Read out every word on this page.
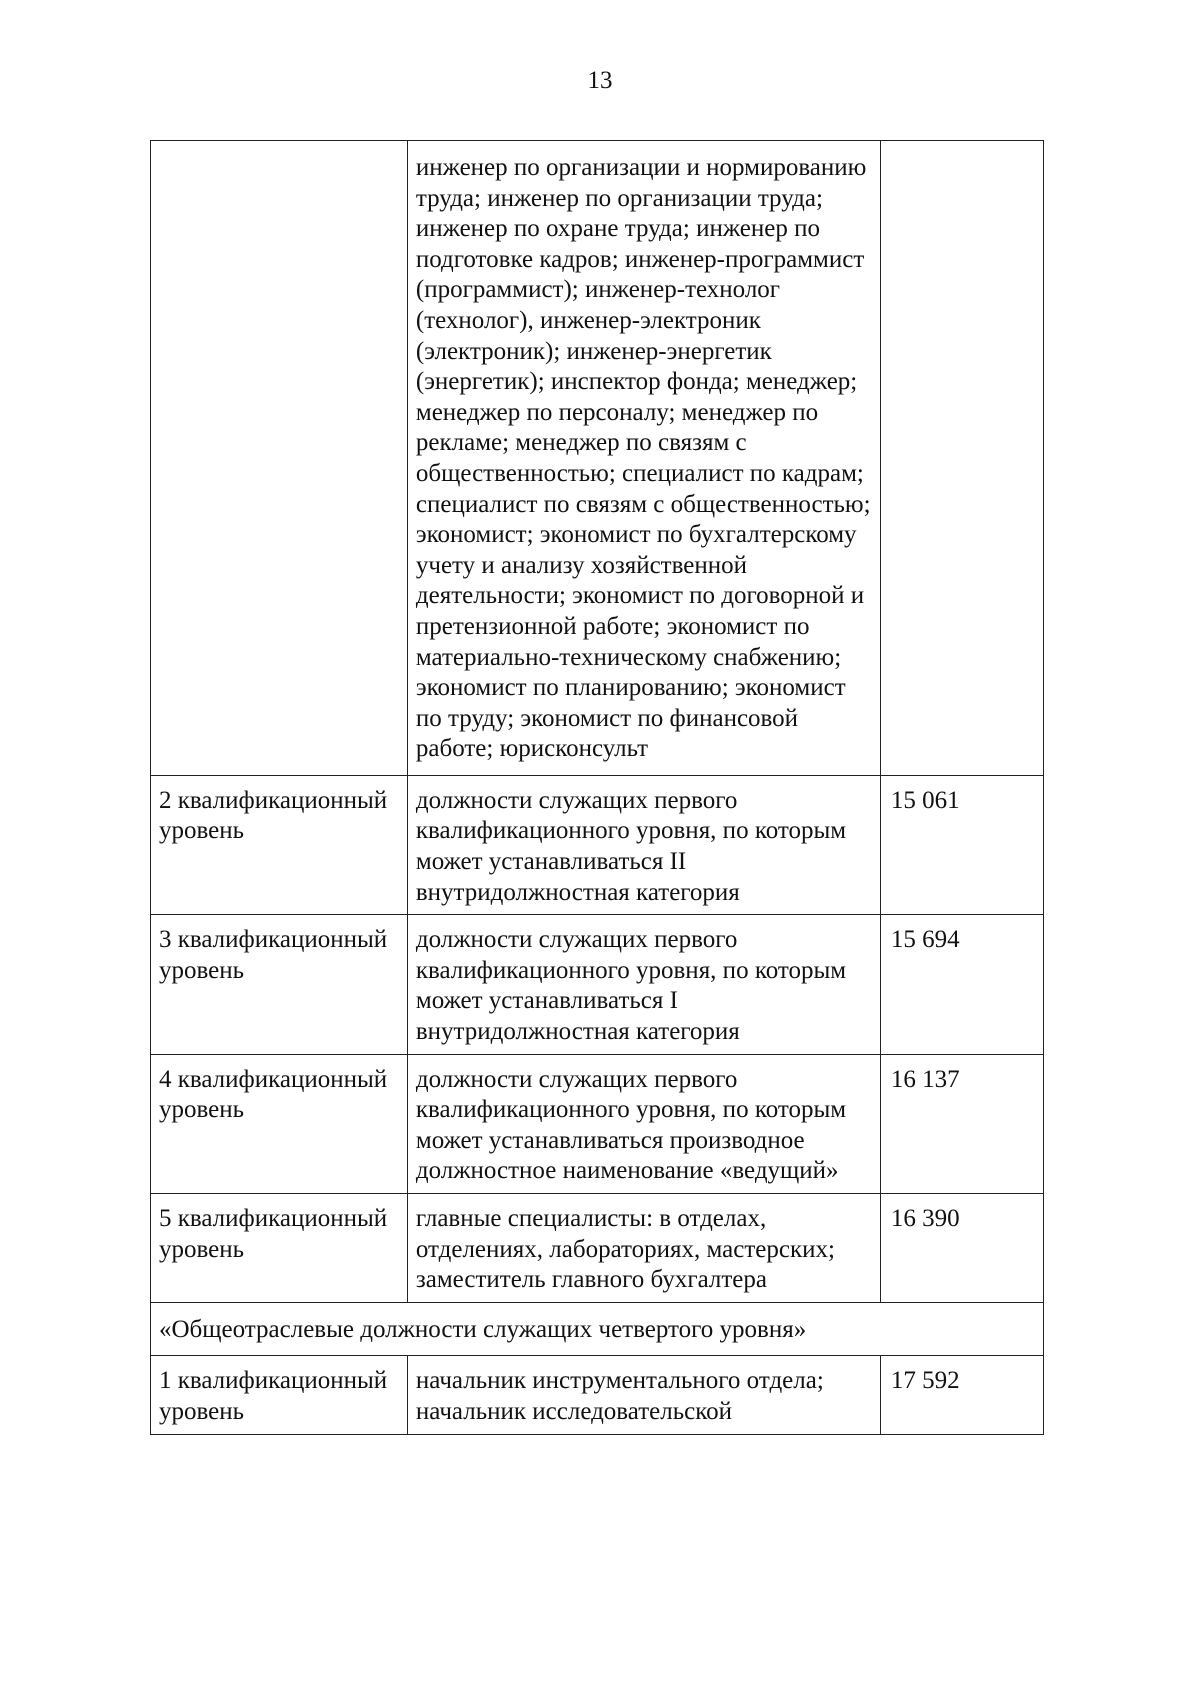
13
	инженер по организации и нормированию труда; инженер по организации труда; инженер по охране труда; инженер по подготовке кадров; инженер-программист (программист); инженер-технолог (технолог), инженер-электроник (электроник); инженер-энергетик (энергетик); инспектор фонда; менеджер; менеджер по персоналу; менеджер по рекламе; менеджер по связям с общественностью; специалист по кадрам; специалист по связям с общественностью; экономист; экономист по бухгалтерскому учету и анализу хозяйственной деятельности; экономист по договорной и претензионной работе; экономист по материально-техническому снабжению; экономист по планированию; экономист по труду; экономист по финансовой работе; юрисконсульт	
2 квалификационный уровень	должности служащих первого квалификационного уровня, по которым может устанавливаться II внутридолжностная категория	15 061
3 квалификационный уровень	должности служащих первого квалификационного уровня, по которым может устанавливаться I внутридолжностная категория	15 694
4 квалификационный уровень	должности служащих первого квалификационного уровня, по которым может устанавливаться производное должностное наименование «ведущий»	16 137
5 квалификационный уровень	главные специалисты: в отделах, отделениях, лабораториях, мастерских; заместитель главного бухгалтера	16 390
«Общеотраслевые должности служащих четвертого уровня»		
1 квалификационный уровень	начальник инструментального отдела; начальник исследовательской	17 592
